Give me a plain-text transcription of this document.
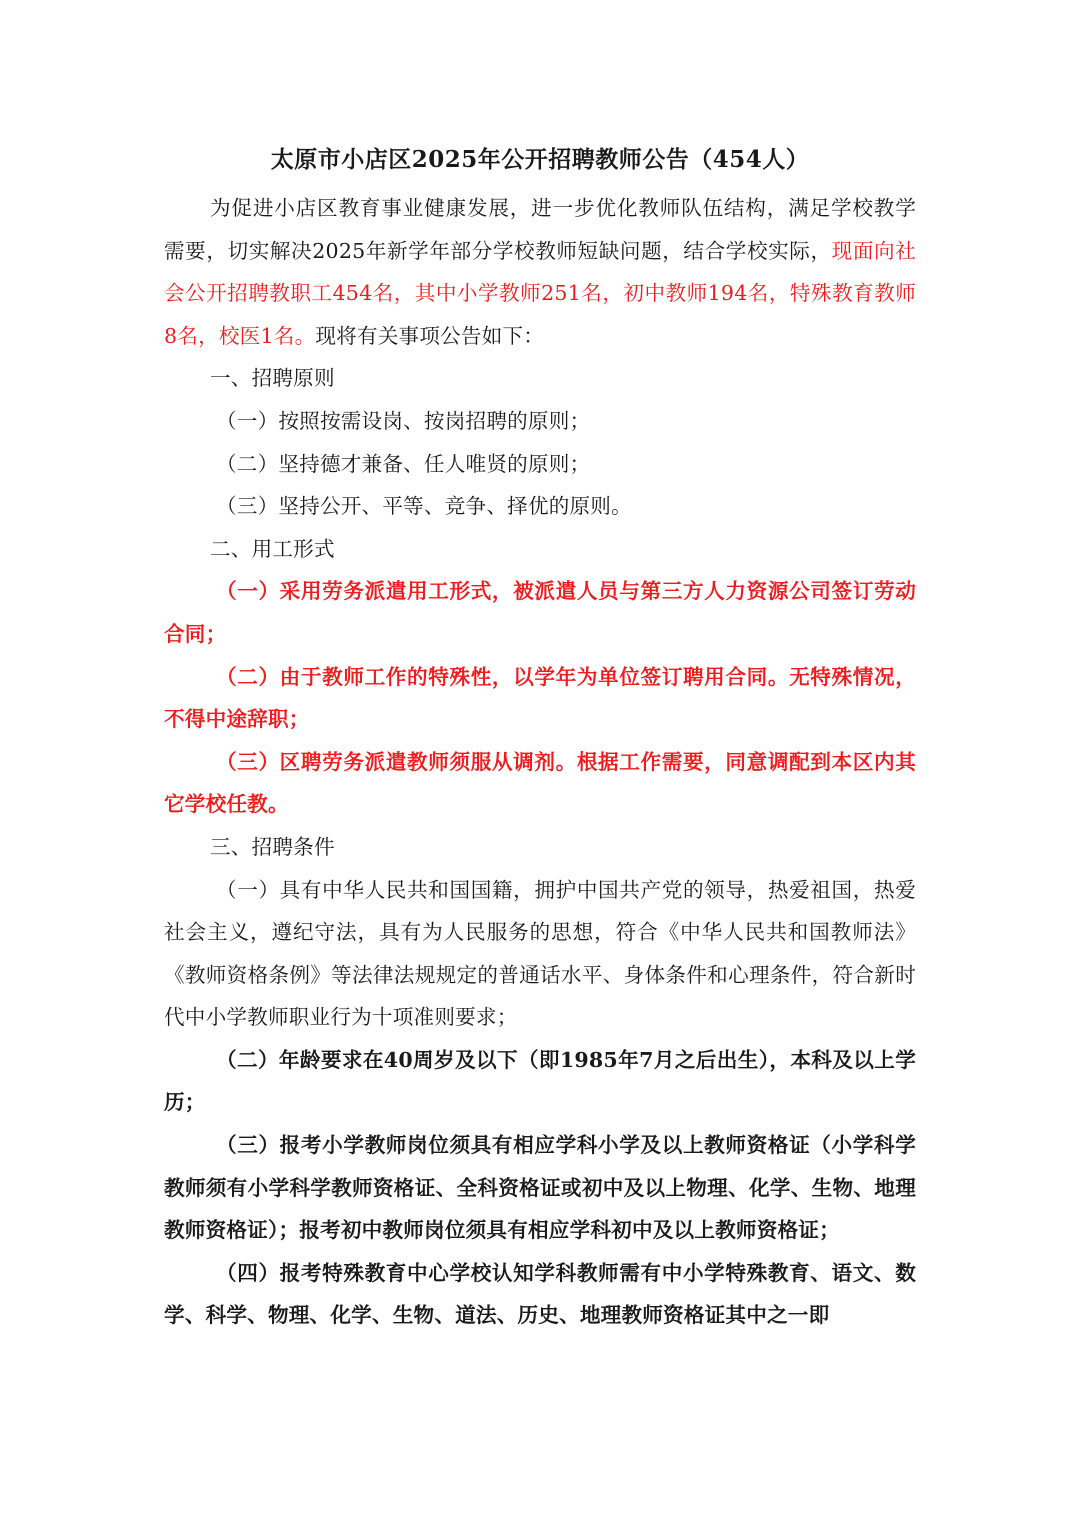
太原市小店区2025年公开招聘教师公告（454人）

为促进小店区教育事业健康发展，进一步优化教师队伍结构，满足学校教学需要，切实解决2025年新学年部分学校教师短缺问题，结合学校实际，现面向社会公开招聘教职工454名，其中小学教师251名，初中教师194名，特殊教育教师8名，校医1名。现将有关事项公告如下：

一、招聘原则

（一）按照按需设岗、按岗招聘的原则；

（二）坚持德才兼备、任人唯贤的原则；

（三）坚持公开、平等、竞争、择优的原则。

二、用工形式

（一）采用劳务派遣用工形式，被派遣人员与第三方人力资源公司签订劳动合同；

（二）由于教师工作的特殊性，以学年为单位签订聘用合同。无特殊情况，不得中途辞职；

（三）区聘劳务派遣教师须服从调剂。根据工作需要，同意调配到本区内其它学校任教。

三、招聘条件

（一）具有中华人民共和国国籍，拥护中国共产党的领导，热爱祖国，热爱社会主义，遵纪守法，具有为人民服务的思想，符合《中华人民共和国教师法》《教师资格条例》等法律法规规定的普通话水平、身体条件和心理条件，符合新时代中小学教师职业行为十项准则要求；

（二）年龄要求在40周岁及以下（即1985年7月之后出生），本科及以上学历；

（三）报考小学教师岗位须具有相应学科小学及以上教师资格证（小学科学教师须有小学科学教师资格证、全科资格证或初中及以上物理、化学、生物、地理教师资格证）；报考初中教师岗位须具有相应学科初中及以上教师资格证；

（四）报考特殊教育中心学校认知学科教师需有中小学特殊教育、语文、数学、科学、物理、化学、生物、道法、历史、地理教师资格证其中之一即
